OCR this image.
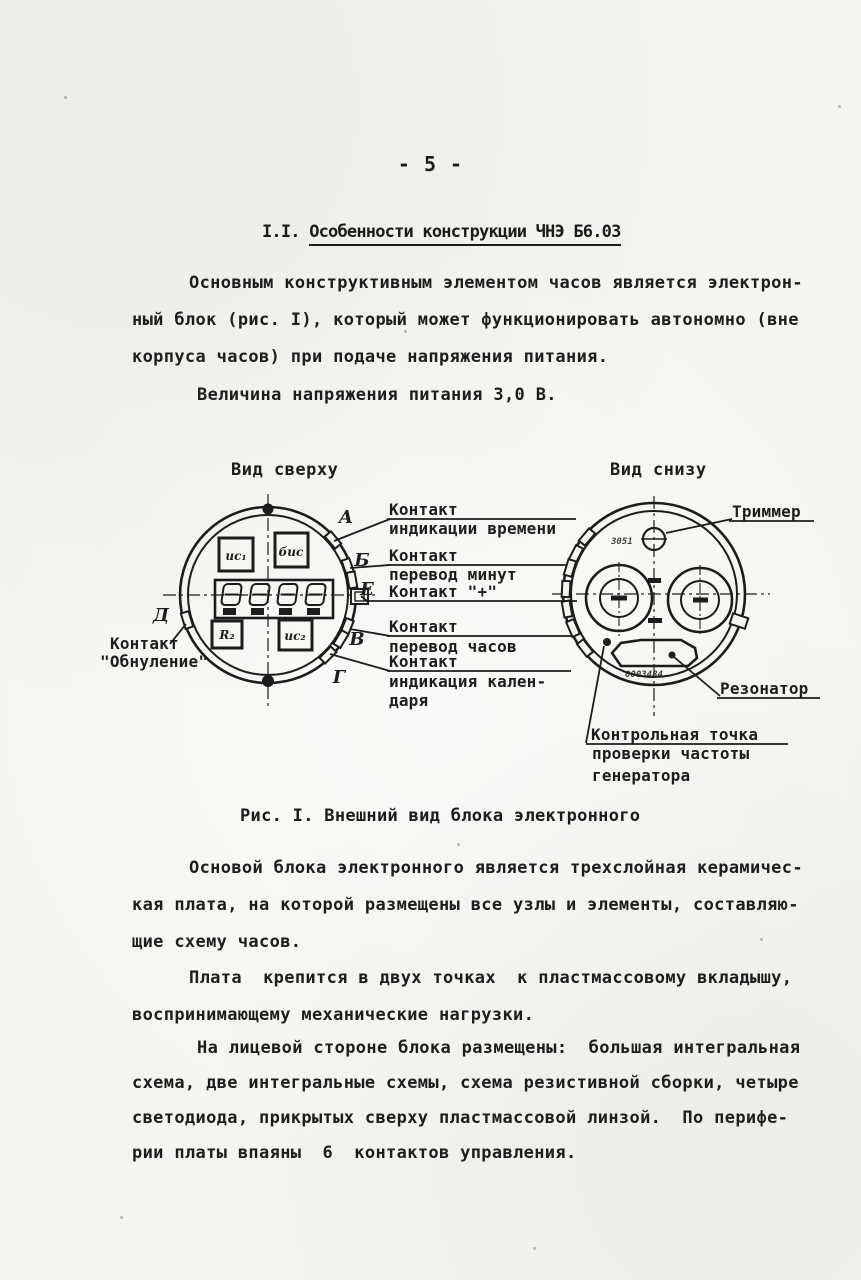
- 5 -
I.I. Особенности конструкции ЧНЭ Б6.03
Основным конструктивным элементом часов является электрон-
ный блок (рис. I), который может функционировать автономно (вне
корпуса часов) при подаче напряжения питания.
Величина напряжения питания 3,0 В.
Вид сверху
ис₁	бис
R₂	ис₂
А
Б
Е
В
Г
Д
Контакт
индикации времени
Контакт
перевод минут
Контакт "+"
Контакт
перевод часов
Контакт
индикация кален-
даря
Контакт
"Обнуление"
Вид снизу
3051
0003484
Триммер
Резонатор
Контрольная точка
проверки частоты
генератора
Рис. I. Внешний вид блока электронного
Основой блока электронного является трехслойная керамичес-
кая плата, на которой размещены все узлы и элементы, составляю-
щие схему часов.
Плата  крепится в двух точках  к пластмассовому вкладышу,
воспринимающему механические нагрузки.
На лицевой стороне блока размещены:  большая интегральная
схема, две интегральные схемы, схема резистивной сборки, четыре
светодиода, прикрытых сверху пластмассовой линзой.  По перифе-
рии платы впаяны  6  контактов управления.
